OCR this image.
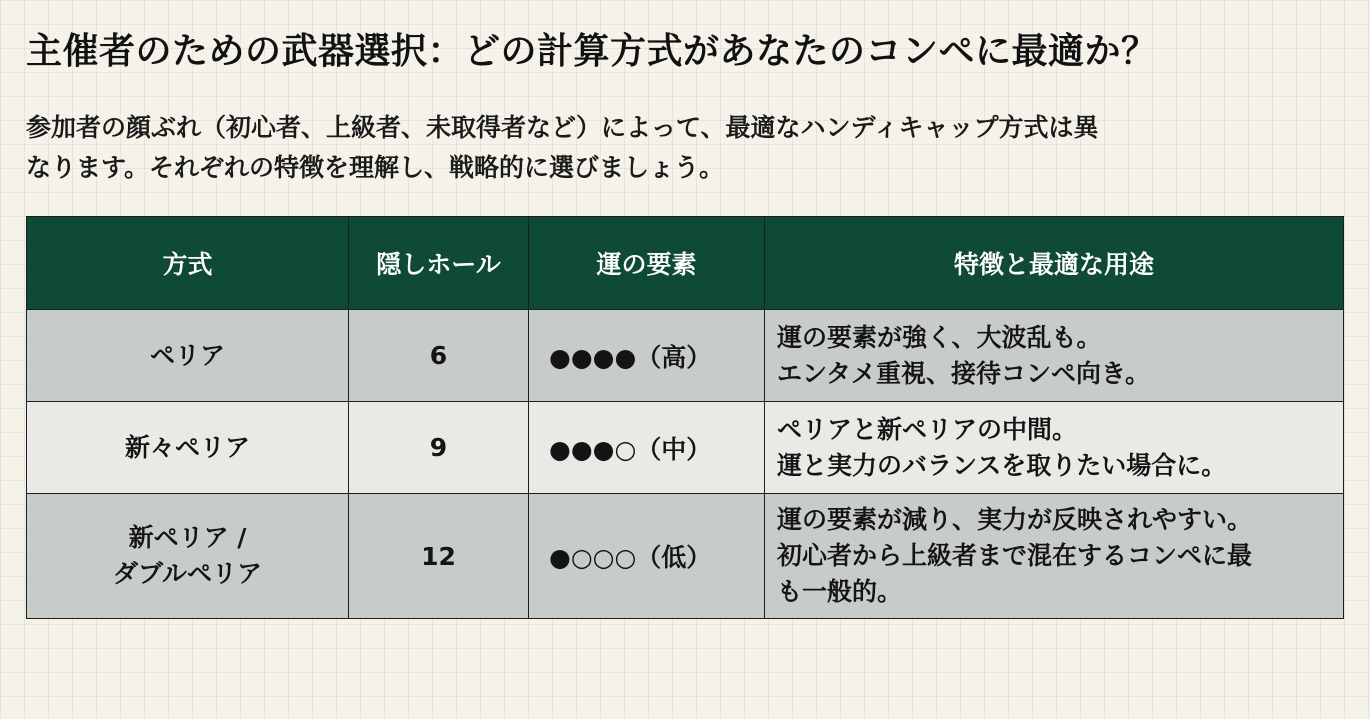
主催者のための武器選択：どの計算方式があなたのコンペに最適か？

参加者の顔ぶれ（初心者、上級者、未取得者など）によって、最適なハンディキャップ方式は異
なります。それぞれの特徴を理解し、戦略的に選びましょう。

方式	隠しホール	運の要素	特徴と最適な用途

ペリア	6	●●●●（高）	運の要素が強く、大波乱も。
エンタメ重視、接待コンペ向き。

新々ペリア	9	●●●○（中）	ペリアと新ペリアの中間。
運と実力のバランスを取りたい場合に。

新ペリア /
ダブルペリア	12	●○○○（低）	運の要素が減り、実力が反映されやすい。
初心者から上級者まで混在するコンペに最
も一般的。
